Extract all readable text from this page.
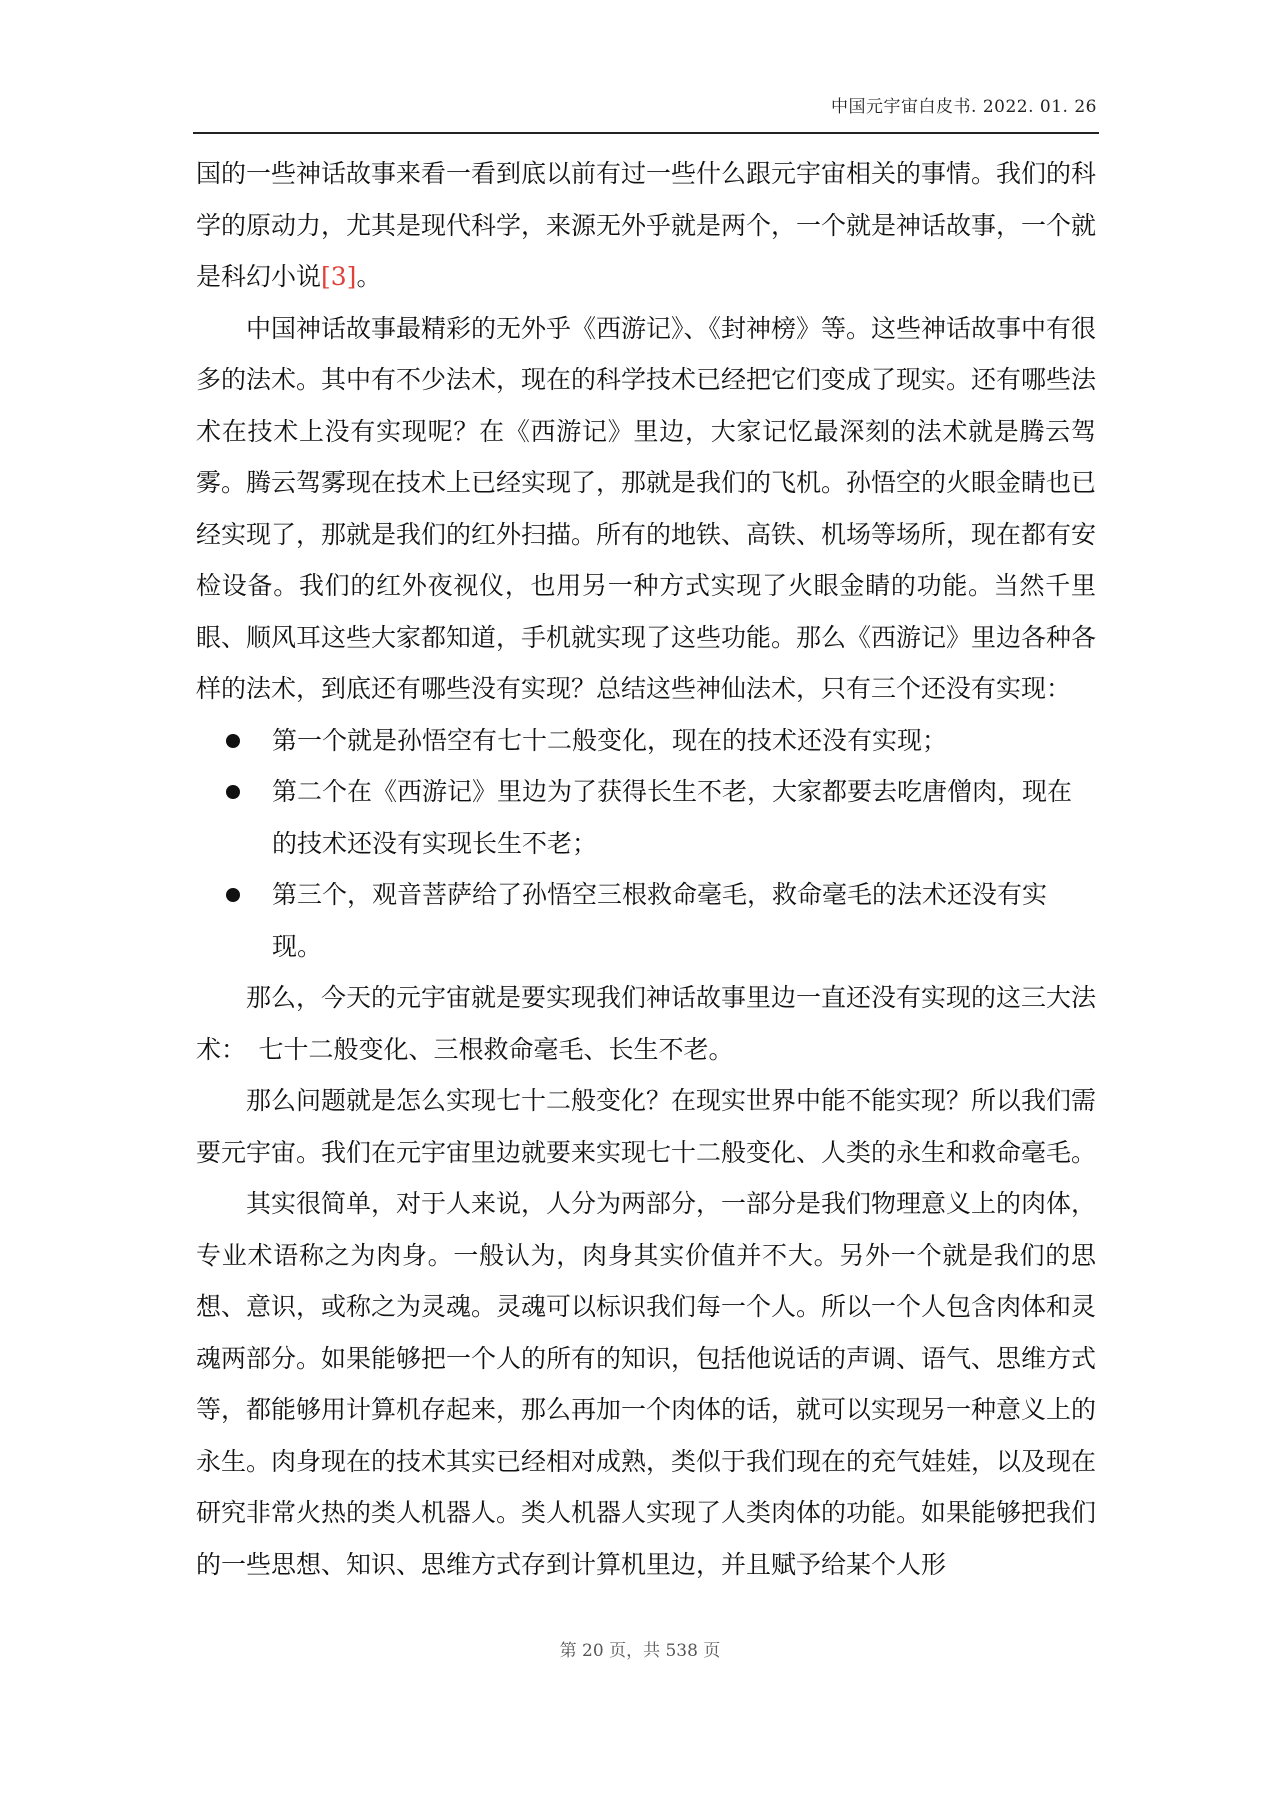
中国元宇宙白皮书. 2022. 01. 26

国的一些神话故事来看一看到底以前有过一些什么跟元宇宙相关的事情。我们的科学的原动力，尤其是现代科学，来源无外乎就是两个，一个就是神话故事，一个就是科幻小说[3]。

中国神话故事最精彩的无外乎《西游记》、《封神榜》等。这些神话故事中有很多的法术。其中有不少法术，现在的科学技术已经把它们变成了现实。还有哪些法术在技术上没有实现呢？在《西游记》里边，大家记忆最深刻的法术就是腾云驾雾。腾云驾雾现在技术上已经实现了，那就是我们的飞机。孙悟空的火眼金睛也已经实现了，那就是我们的红外扫描。所有的地铁、高铁、机场等场所，现在都有安检设备。我们的红外夜视仪，也用另一种方式实现了火眼金睛的功能。当然千里眼、顺风耳这些大家都知道，手机就实现了这些功能。那么《西游记》里边各种各样的法术，到底还有哪些没有实现？总结这些神仙法术，只有三个还没有实现：

第一个就是孙悟空有七十二般变化，现在的技术还没有实现；
第二个在《西游记》里边为了获得长生不老，大家都要去吃唐僧肉，现在的技术还没有实现长生不老；
第三个，观音菩萨给了孙悟空三根救命毫毛，救命毫毛的法术还没有实现。

那么，今天的元宇宙就是要实现我们神话故事里边一直还没有实现的这三大法术：　七十二般变化、三根救命毫毛、长生不老。

那么问题就是怎么实现七十二般变化？在现实世界中能不能实现？所以我们需要元宇宙。我们在元宇宙里边就要来实现七十二般变化、人类的永生和救命毫毛。

其实很简单，对于人来说，人分为两部分，一部分是我们物理意义上的肉体，专业术语称之为肉身。一般认为，肉身其实价值并不大。另外一个就是我们的思想、意识，或称之为灵魂。灵魂可以标识我们每一个人。所以一个人包含肉体和灵魂两部分。如果能够把一个人的所有的知识，包括他说话的声调、语气、思维方式等，都能够用计算机存起来，那么再加一个肉体的话，就可以实现另一种意义上的永生。肉身现在的技术其实已经相对成熟，类似于我们现在的充气娃娃，以及现在研究非常火热的类人机器人。类人机器人实现了人类肉体的功能。如果能够把我们的一些思想、知识、思维方式存到计算机里边，并且赋予给某个人形

第 20 页，共 538 页
